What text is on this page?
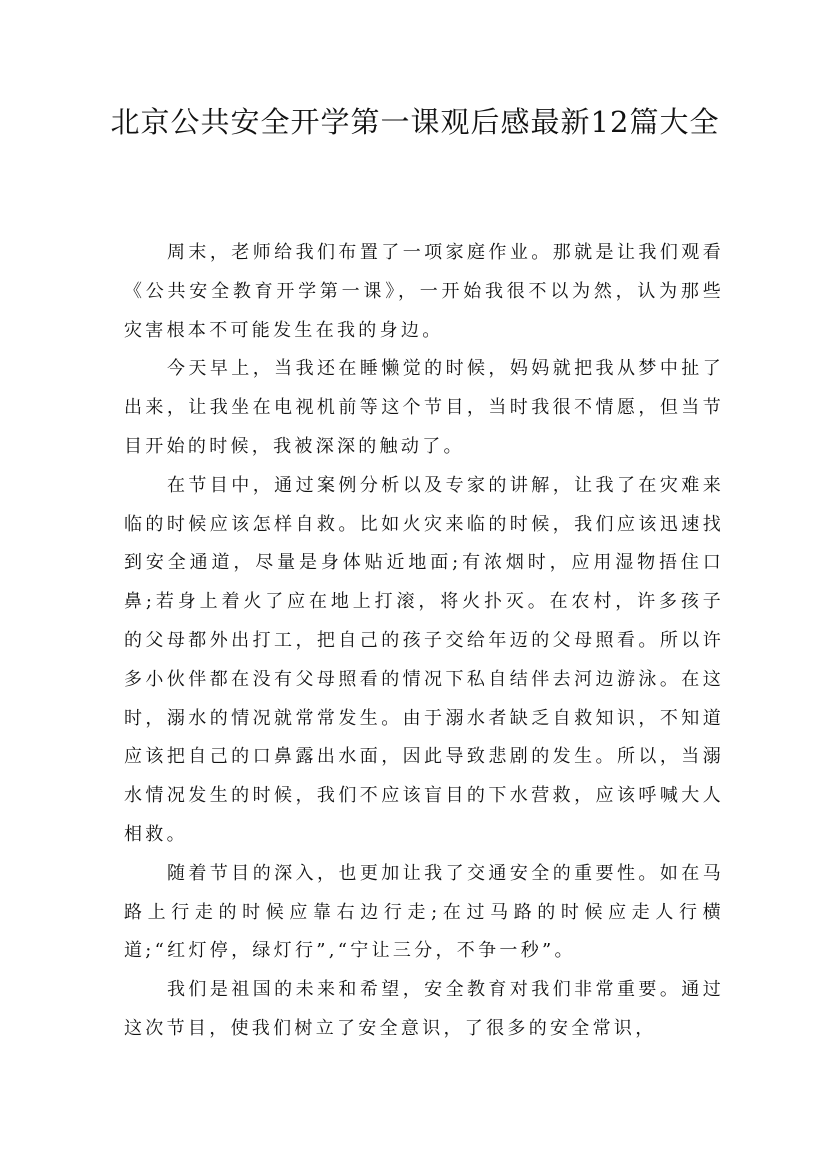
北京公共安全开学第一课观后感最新12篇大全

周末，老师给我们布置了一项家庭作业。那就是让我们观看《公共安全教育开学第一课》，一开始我很不以为然，认为那些灾害根本不可能发生在我的身边。

今天早上，当我还在睡懒觉的时候，妈妈就把我从梦中扯了出来，让我坐在电视机前等这个节目，当时我很不情愿，但当节目开始的时候，我被深深的触动了。

在节目中，通过案例分析以及专家的讲解，让我了在灾难来临的时候应该怎样自救。比如火灾来临的时候，我们应该迅速找到安全通道，尽量是身体贴近地面;有浓烟时，应用湿物捂住口鼻;若身上着火了应在地上打滚，将火扑灭。在农村，许多孩子的父母都外出打工，把自己的孩子交给年迈的父母照看。所以许多小伙伴都在没有父母照看的情况下私自结伴去河边游泳。在这时，溺水的情况就常常发生。由于溺水者缺乏自救知识，不知道应该把自己的口鼻露出水面，因此导致悲剧的发生。所以，当溺水情况发生的时候，我们不应该盲目的下水营救，应该呼喊大人相救。

随着节目的深入，也更加让我了交通安全的重要性。如在马路上行走的时候应靠右边行走;在过马路的时候应走人行横道;“红灯停，绿灯行”,“宁让三分，不争一秒”。

我们是祖国的未来和希望，安全教育对我们非常重要。通过这次节目，使我们树立了安全意识，了很多的安全常识，
